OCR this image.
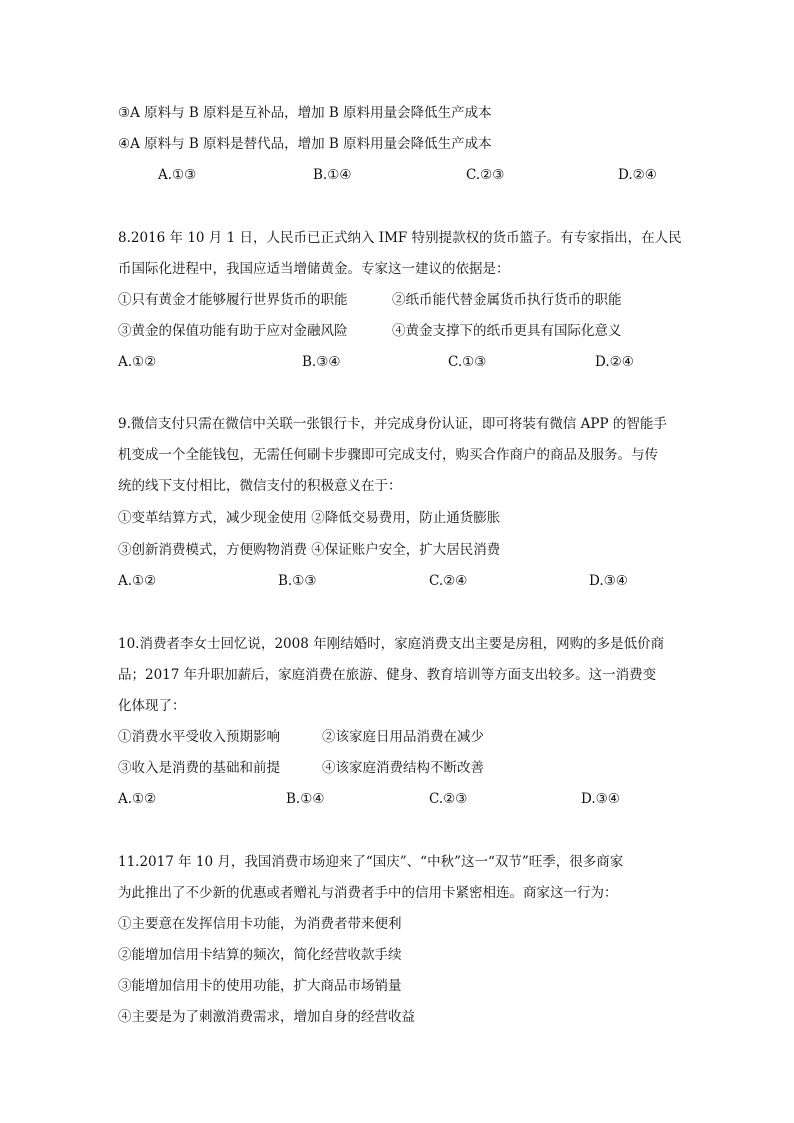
③A 原料与 B 原料是互补品，增加 B 原料用量会降低生产成本
④A 原料与 B 原料是替代品，增加 B 原料用量会降低生产成本
A.①③	B.①④	C.②③	D.②④
8.2016 年 10 月 1 日，人民币已正式纳入 IMF 特别提款权的货币篮子。有专家指出，在人民
币国际化进程中，我国应适当增储黄金。专家这一建议的依据是：
①只有黄金才能够履行世界货币的职能	②纸币能代替金属货币执行货币的职能
③黄金的保值功能有助于应对金融风险	④黄金支撑下的纸币更具有国际化意义
A.①②	B.③④	C.①③	D.②④
9.微信支付只需在微信中关联一张银行卡，并完成身份认证，即可将装有微信 APP 的智能手
机变成一个全能钱包，无需任何刷卡步骤即可完成支付，购买合作商户的商品及服务。与传
统的线下支付相比，微信支付的积极意义在于：
①变革结算方式，减少现金使用 ②降低交易费用，防止通货膨胀
③创新消费模式，方便购物消费 ④保证账户安全，扩大居民消费
A.①②	B.①③	C.②④	D.③④
10.消费者李女士回忆说，2008 年刚结婚时，家庭消费支出主要是房租，网购的多是低价商
品；2017 年升职加薪后，家庭消费在旅游、健身、教育培训等方面支出较多。这一消费变
化体现了：
①消费水平受收入预期影响	②该家庭日用品消费在减少
③收入是消费的基础和前提	④该家庭消费结构不断改善
A.①②	B.①④	C.②③	D.③④
11.2017 年 10 月，我国消费市场迎来了“国庆”、“中秋”这一“双节”旺季，很多商家
为此推出了不少新的优惠或者赠礼与消费者手中的信用卡紧密相连。商家这一行为：
①主要意在发挥信用卡功能，为消费者带来便利
②能增加信用卡结算的频次，简化经营收款手续
③能增加信用卡的使用功能，扩大商品市场销量
④主要是为了刺激消费需求，增加自身的经营收益
